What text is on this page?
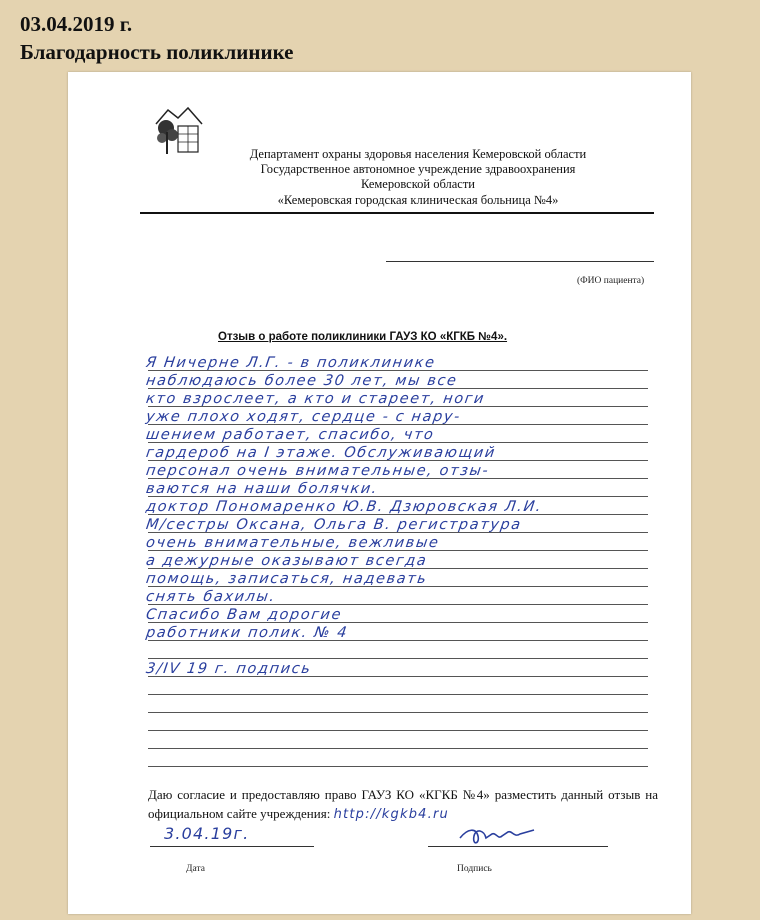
03.04.2019 г.
Благодарность поликлинике
Департамент охраны здоровья населения Кемеровской области
Государственное автономное учреждение здравоохранения
Кемеровской области
«Кемеровская городская клиническая больница №4»
(ФИО пациента)
Отзыв о работе поликлиники ГАУЗ КО «КГКБ №4».
Я Ничерне Л.Г. - в поликлинике
наблюдаюсь более 30 лет, мы все
кто взрослеет, а кто и стареет, ноги
уже плохо ходят, сердце - с нару-
шением работает, спасибо, что
гардероб на I этаже. Обслуживающий
персонал очень внимательные, отзы-
ваются на наши болячки.
доктор Пономаренко Ю.В. Дзюровская Л.И.
М/сестры Оксана, Ольга В. регистратура
очень внимательные, вежливые
а дежурные оказывают всегда
помощь, записаться, надевать
снять бахилы.
Спасибо Вам дорогие
работники полик. № 4
3/IV 19 г. подпись
Даю согласие и предоставляю право ГАУЗ КО «КГКБ №4» разместить данный отзыв на официальном сайте учреждения: http://kgkb4.ru
3.04.19г.
Дата	Подпись
